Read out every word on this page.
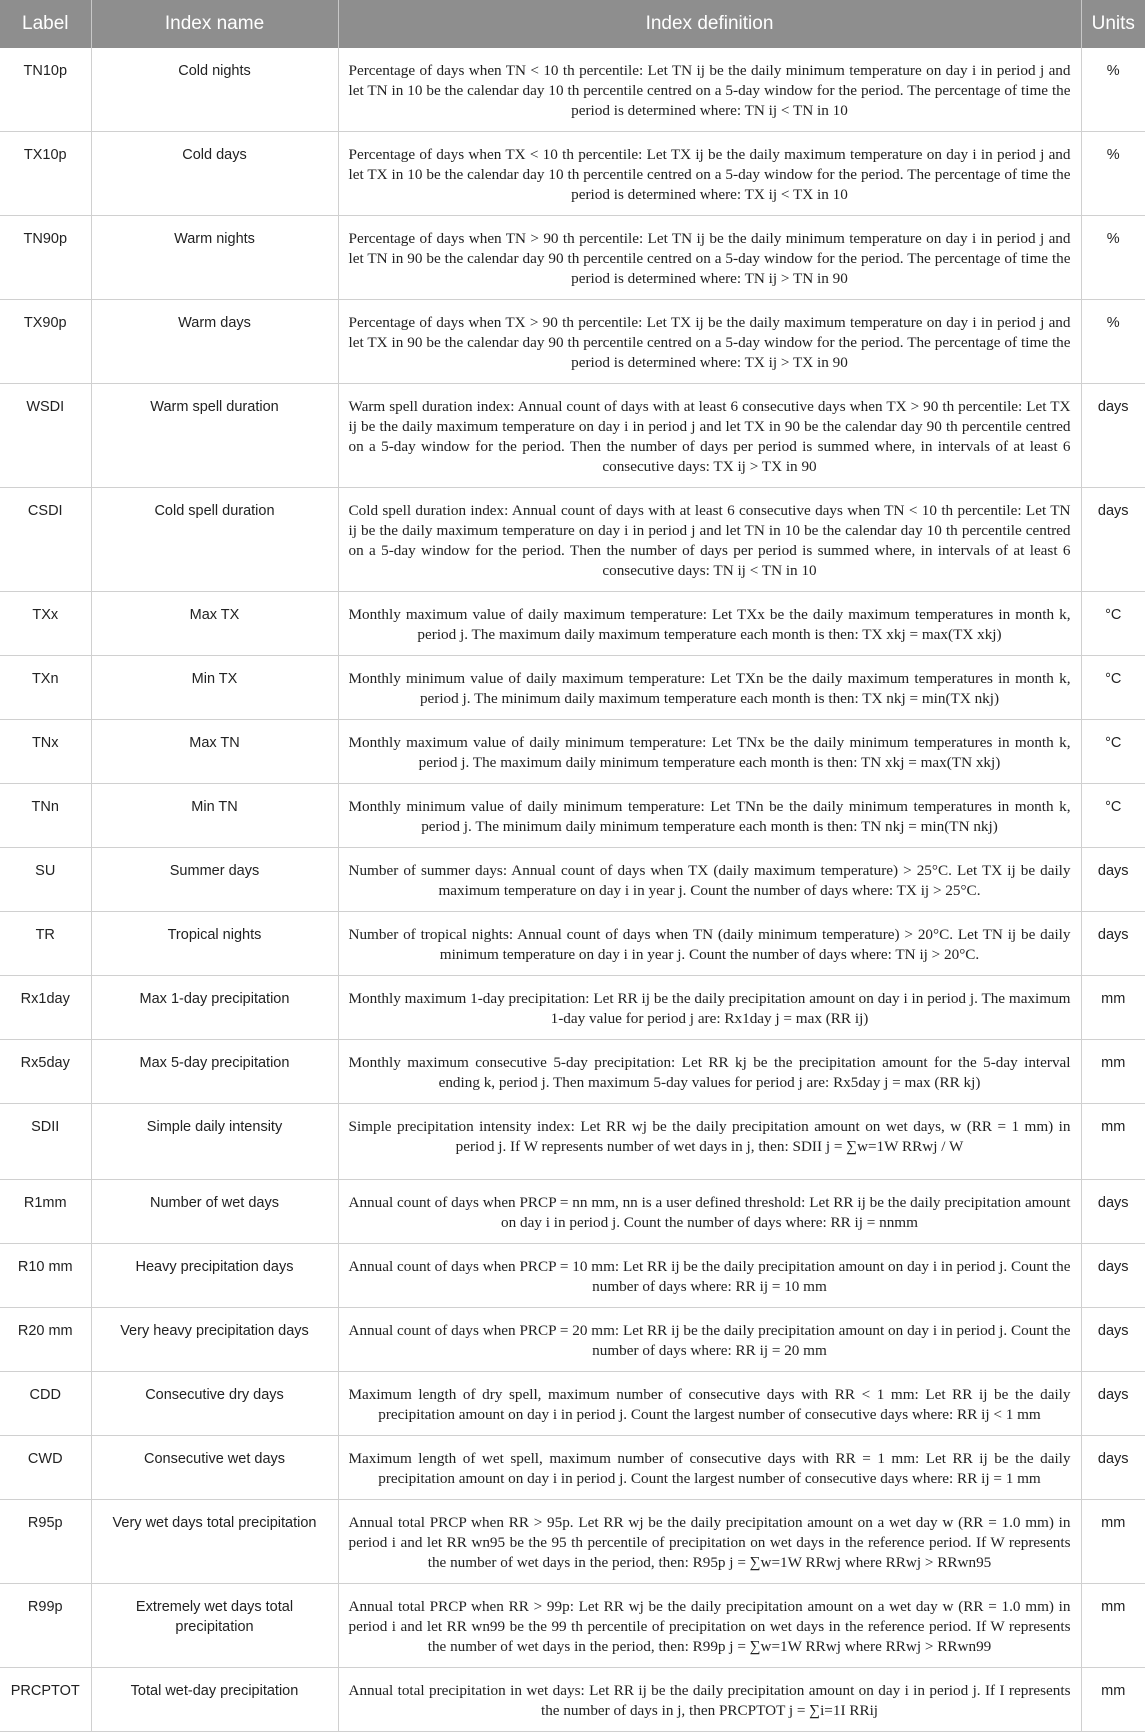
Label	Index name	Index definition	Units
TN10p	Cold nights	Percentage of days when TN < 10 th percentile: Let TN ij be the daily minimum temperature on day i in period j and let TN in 10 be the calendar day 10 th percentile centred on a 5-day window for the period. The percentage of time the period is determined where: TN ij < TN in 10	%
TX10p	Cold days	Percentage of days when TX < 10 th percentile: Let TX ij be the daily maximum temperature on day i in period j and let TX in 10 be the calendar day 10 th percentile centred on a 5-day window for the period. The percentage of time the period is determined where: TX ij < TX in 10	%
TN90p	Warm nights	Percentage of days when TN > 90 th percentile: Let TN ij be the daily minimum temperature on day i in period j and let TN in 90 be the calendar day 90 th percentile centred on a 5-day window for the period. The percentage of time the period is determined where: TN ij > TN in 90	%
TX90p	Warm days	Percentage of days when TX > 90 th percentile: Let TX ij be the daily maximum temperature on day i in period j and let TX in 90 be the calendar day 90 th percentile centred on a 5-day window for the period. The percentage of time the period is determined where: TX ij > TX in 90	%
WSDI	Warm spell duration	Warm spell duration index: Annual count of days with at least 6 consecutive days when TX > 90 th percentile: Let TX ij be the daily maximum temperature on day i in period j and let TX in 90 be the calendar day 90 th percentile centred on a 5-day window for the period. Then the number of days per period is summed where, in intervals of at least 6 consecutive days: TX ij > TX in 90	days
CSDI	Cold spell duration	Cold spell duration index: Annual count of days with at least 6 consecutive days when TN < 10 th percentile: Let TN ij be the daily maximum temperature on day i in period j and let TN in 10 be the calendar day 10 th percentile centred on a 5-day window for the period. Then the number of days per period is summed where, in intervals of at least 6 consecutive days: TN ij < TN in 10	days
TXx	Max TX	Monthly maximum value of daily maximum temperature: Let TXx be the daily maximum temperatures in month k, period j. The maximum daily maximum temperature each month is then: TX xkj = max(TX xkj)	°C
TXn	Min TX	Monthly minimum value of daily maximum temperature: Let TXn be the daily maximum temperatures in month k, period j. The minimum daily maximum temperature each month is then: TX nkj = min(TX nkj)	°C
TNx	Max TN	Monthly maximum value of daily minimum temperature: Let TNx be the daily minimum temperatures in month k, period j. The maximum daily minimum temperature each month is then: TN xkj = max(TN xkj)	°C
TNn	Min TN	Monthly minimum value of daily minimum temperature: Let TNn be the daily minimum temperatures in month k, period j. The minimum daily minimum temperature each month is then: TN nkj = min(TN nkj)	°C
SU	Summer days	Number of summer days: Annual count of days when TX (daily maximum temperature) > 25°C. Let TX ij be daily maximum temperature on day i in year j. Count the number of days where: TX ij > 25°C.	days
TR	Tropical nights	Number of tropical nights: Annual count of days when TN (daily minimum temperature) > 20°C. Let TN ij be daily minimum temperature on day i in year j. Count the number of days where: TN ij > 20°C.	days
Rx1day	Max 1-day precipitation	Monthly maximum 1-day precipitation: Let RR ij be the daily precipitation amount on day i in period j. The maximum 1-day value for period j are: Rx1day j = max (RR ij)	mm
Rx5day	Max 5-day precipitation	Monthly maximum consecutive 5-day precipitation: Let RR kj be the precipitation amount for the 5-day interval ending k, period j. Then maximum 5-day values for period j are: Rx5day j = max (RR kj)	mm
SDII	Simple daily intensity	Simple precipitation intensity index: Let RR wj be the daily precipitation amount on wet days, w (RR = 1 mm) in period j. If W represents number of wet days in j, then: SDII j = ∑w=1W RRwj / W	mm
R1mm	Number of wet days	Annual count of days when PRCP = nn mm, nn is a user defined threshold: Let RR ij be the daily precipitation amount on day i in period j. Count the number of days where: RR ij = nnmm	days
R10 mm	Heavy precipitation days	Annual count of days when PRCP = 10 mm: Let RR ij be the daily precipitation amount on day i in period j. Count the number of days where: RR ij = 10 mm	days
R20 mm	Very heavy precipitation days	Annual count of days when PRCP = 20 mm: Let RR ij be the daily precipitation amount on day i in period j. Count the number of days where: RR ij = 20 mm	days
CDD	Consecutive dry days	Maximum length of dry spell, maximum number of consecutive days with RR < 1 mm: Let RR ij be the daily precipitation amount on day i in period j. Count the largest number of consecutive days where: RR ij < 1 mm	days
CWD	Consecutive wet days	Maximum length of wet spell, maximum number of consecutive days with RR = 1 mm: Let RR ij be the daily precipitation amount on day i in period j. Count the largest number of consecutive days where: RR ij = 1 mm	days
R95p	Very wet days total precipitation	Annual total PRCP when RR > 95p. Let RR wj be the daily precipitation amount on a wet day w (RR = 1.0 mm) in period i and let RR wn95 be the 95 th percentile of precipitation on wet days in the reference period. If W represents the number of wet days in the period, then: R95p j = ∑w=1W RRwj where RRwj > RRwn95	mm
R99p	Extremely wet days total precipitation	Annual total PRCP when RR > 99p: Let RR wj be the daily precipitation amount on a wet day w (RR = 1.0 mm) in period i and let RR wn99 be the 99 th percentile of precipitation on wet days in the reference period. If W represents the number of wet days in the period, then: R99p j = ∑w=1W RRwj where RRwj > RRwn99	mm
PRCPTOT	Total wet-day precipitation	Annual total precipitation in wet days: Let RR ij be the daily precipitation amount on day i in period j. If I represents the number of days in j, then PRCPTOT j = ∑i=1I RRij	mm
